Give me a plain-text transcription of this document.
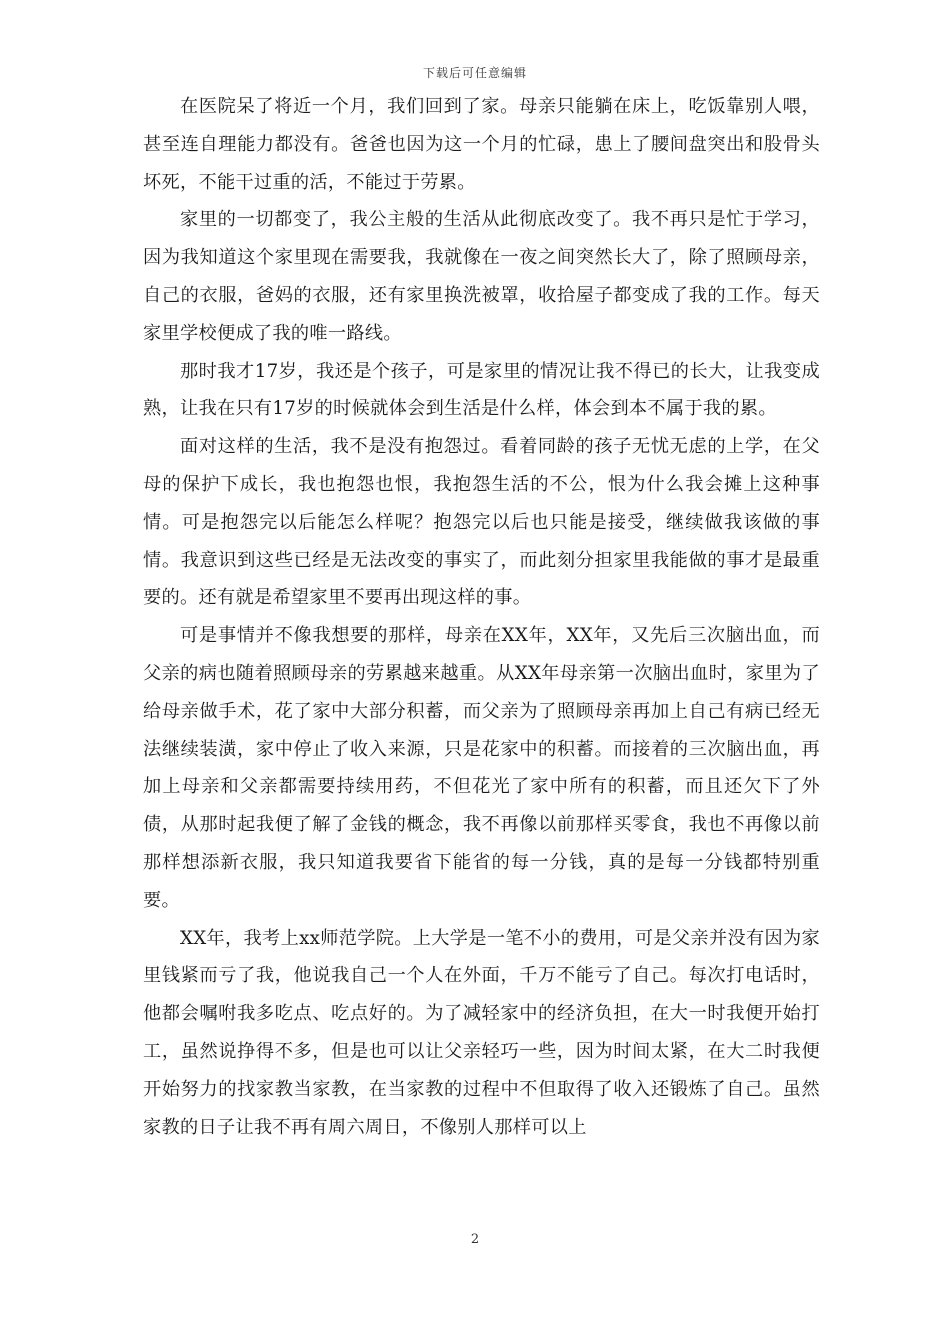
下载后可任意编辑

在医院呆了将近一个月，我们回到了家。母亲只能躺在床上，吃饭靠别人喂，甚至连自理能力都没有。爸爸也因为这一个月的忙碌，患上了腰间盘突出和股骨头坏死，不能干过重的活，不能过于劳累。

家里的一切都变了，我公主般的生活从此彻底改变了。我不再只是忙于学习，因为我知道这个家里现在需要我，我就像在一夜之间突然长大了，除了照顾母亲，自己的衣服，爸妈的衣服，还有家里换洗被罩，收拾屋子都变成了我的工作。每天家里学校便成了我的唯一路线。

那时我才17岁，我还是个孩子，可是家里的情况让我不得已的长大，让我变成熟，让我在只有17岁的时候就体会到生活是什么样，体会到本不属于我的累。

面对这样的生活，我不是没有抱怨过。看着同龄的孩子无忧无虑的上学，在父母的保护下成长，我也抱怨也恨，我抱怨生活的不公，恨为什么我会摊上这种事情。可是抱怨完以后能怎么样呢？抱怨完以后也只能是接受，继续做我该做的事情。我意识到这些已经是无法改变的事实了，而此刻分担家里我能做的事才是最重要的。还有就是希望家里不要再出现这样的事。

可是事情并不像我想要的那样，母亲在XX年，XX年，又先后三次脑出血，而父亲的病也随着照顾母亲的劳累越来越重。从XX年母亲第一次脑出血时，家里为了给母亲做手术，花了家中大部分积蓄，而父亲为了照顾母亲再加上自己有病已经无法继续装潢，家中停止了收入来源，只是花家中的积蓄。而接着的三次脑出血，再加上母亲和父亲都需要持续用药，不但花光了家中所有的积蓄，而且还欠下了外债，从那时起我便了解了金钱的概念，我不再像以前那样买零食，我也不再像以前那样想添新衣服，我只知道我要省下能省的每一分钱，真的是每一分钱都特别重要。

XX年，我考上xx师范学院。上大学是一笔不小的费用，可是父亲并没有因为家里钱紧而亏了我，他说我自己一个人在外面，千万不能亏了自己。每次打电话时，他都会嘱咐我多吃点、吃点好的。为了减轻家中的经济负担，在大一时我便开始打工，虽然说挣得不多，但是也可以让父亲轻巧一些，因为时间太紧，在大二时我便开始努力的找家教当家教，在当家教的过程中不但取得了收入还锻炼了自己。虽然家教的日子让我不再有周六周日，不像别人那样可以上

2
